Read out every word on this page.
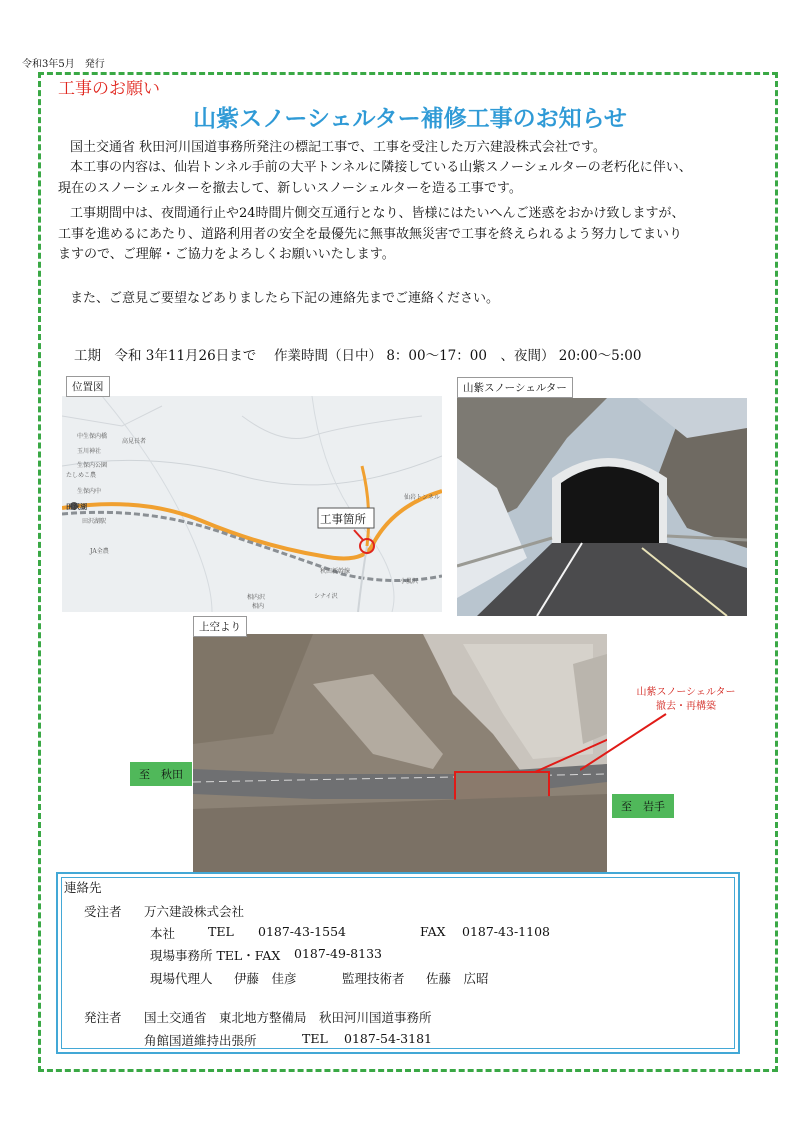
令和3年5月　発行
工事のお願い
山紫スノーシェルター補修工事のお知らせ
国土交通省 秋田河川国道事務所発注の標記工事で、工事を受注した万六建設株式会社です。
本工事の内容は、仙岩トンネル手前の大平トンネルに隣接している山紫スノーシェルターの老朽化に伴い、
現在のスノーシェルターを撤去して、新しいスノーシェルターを造る工事です。
工事期間中は、夜間通行止や24時間片側交互通行となり、皆様にはたいへんご迷惑をおかけ致しますが、
工事を進めるにあたり、道路利用者の安全を最優先に無事故無災害で工事を終えられるよう努力してまいり
ますので、ご理解・ご協力をよろしくお願いいたします。
また、ご意見ご要望などありましたら下記の連絡先までご連絡ください。
工期　令和 3年11月26日まで　 作業時間（日中） 8：00〜17：00　、夜間） 20:00〜5:00
工事箇所
中生保内橋
高見長者
玉川神社
生保内公園
たしめこ農
生保内中
田沢湖
田沢湖駅
JA全農
仙岩トンネル
秋田新幹線
小嵐沢
シナイ沢
相内沢
相内
位置図	山紫スノーシェルター
上空より
至　秋田
至　岩手
山紫スノーシェルター
撤去・再構築
連絡先
受注者 万六建設株式会社
本社	TEL 0187-43-1554	FAX 0187-43-1108
現場事務所 TEL・FAX 0187-49-8133
現場代理人 伊藤　佳彦	監理技術者 佐藤　広昭
発注者 国土交通省　東北地方整備局　秋田河川国道事務所
角館国道維持出張所	TEL 0187-54-3181
